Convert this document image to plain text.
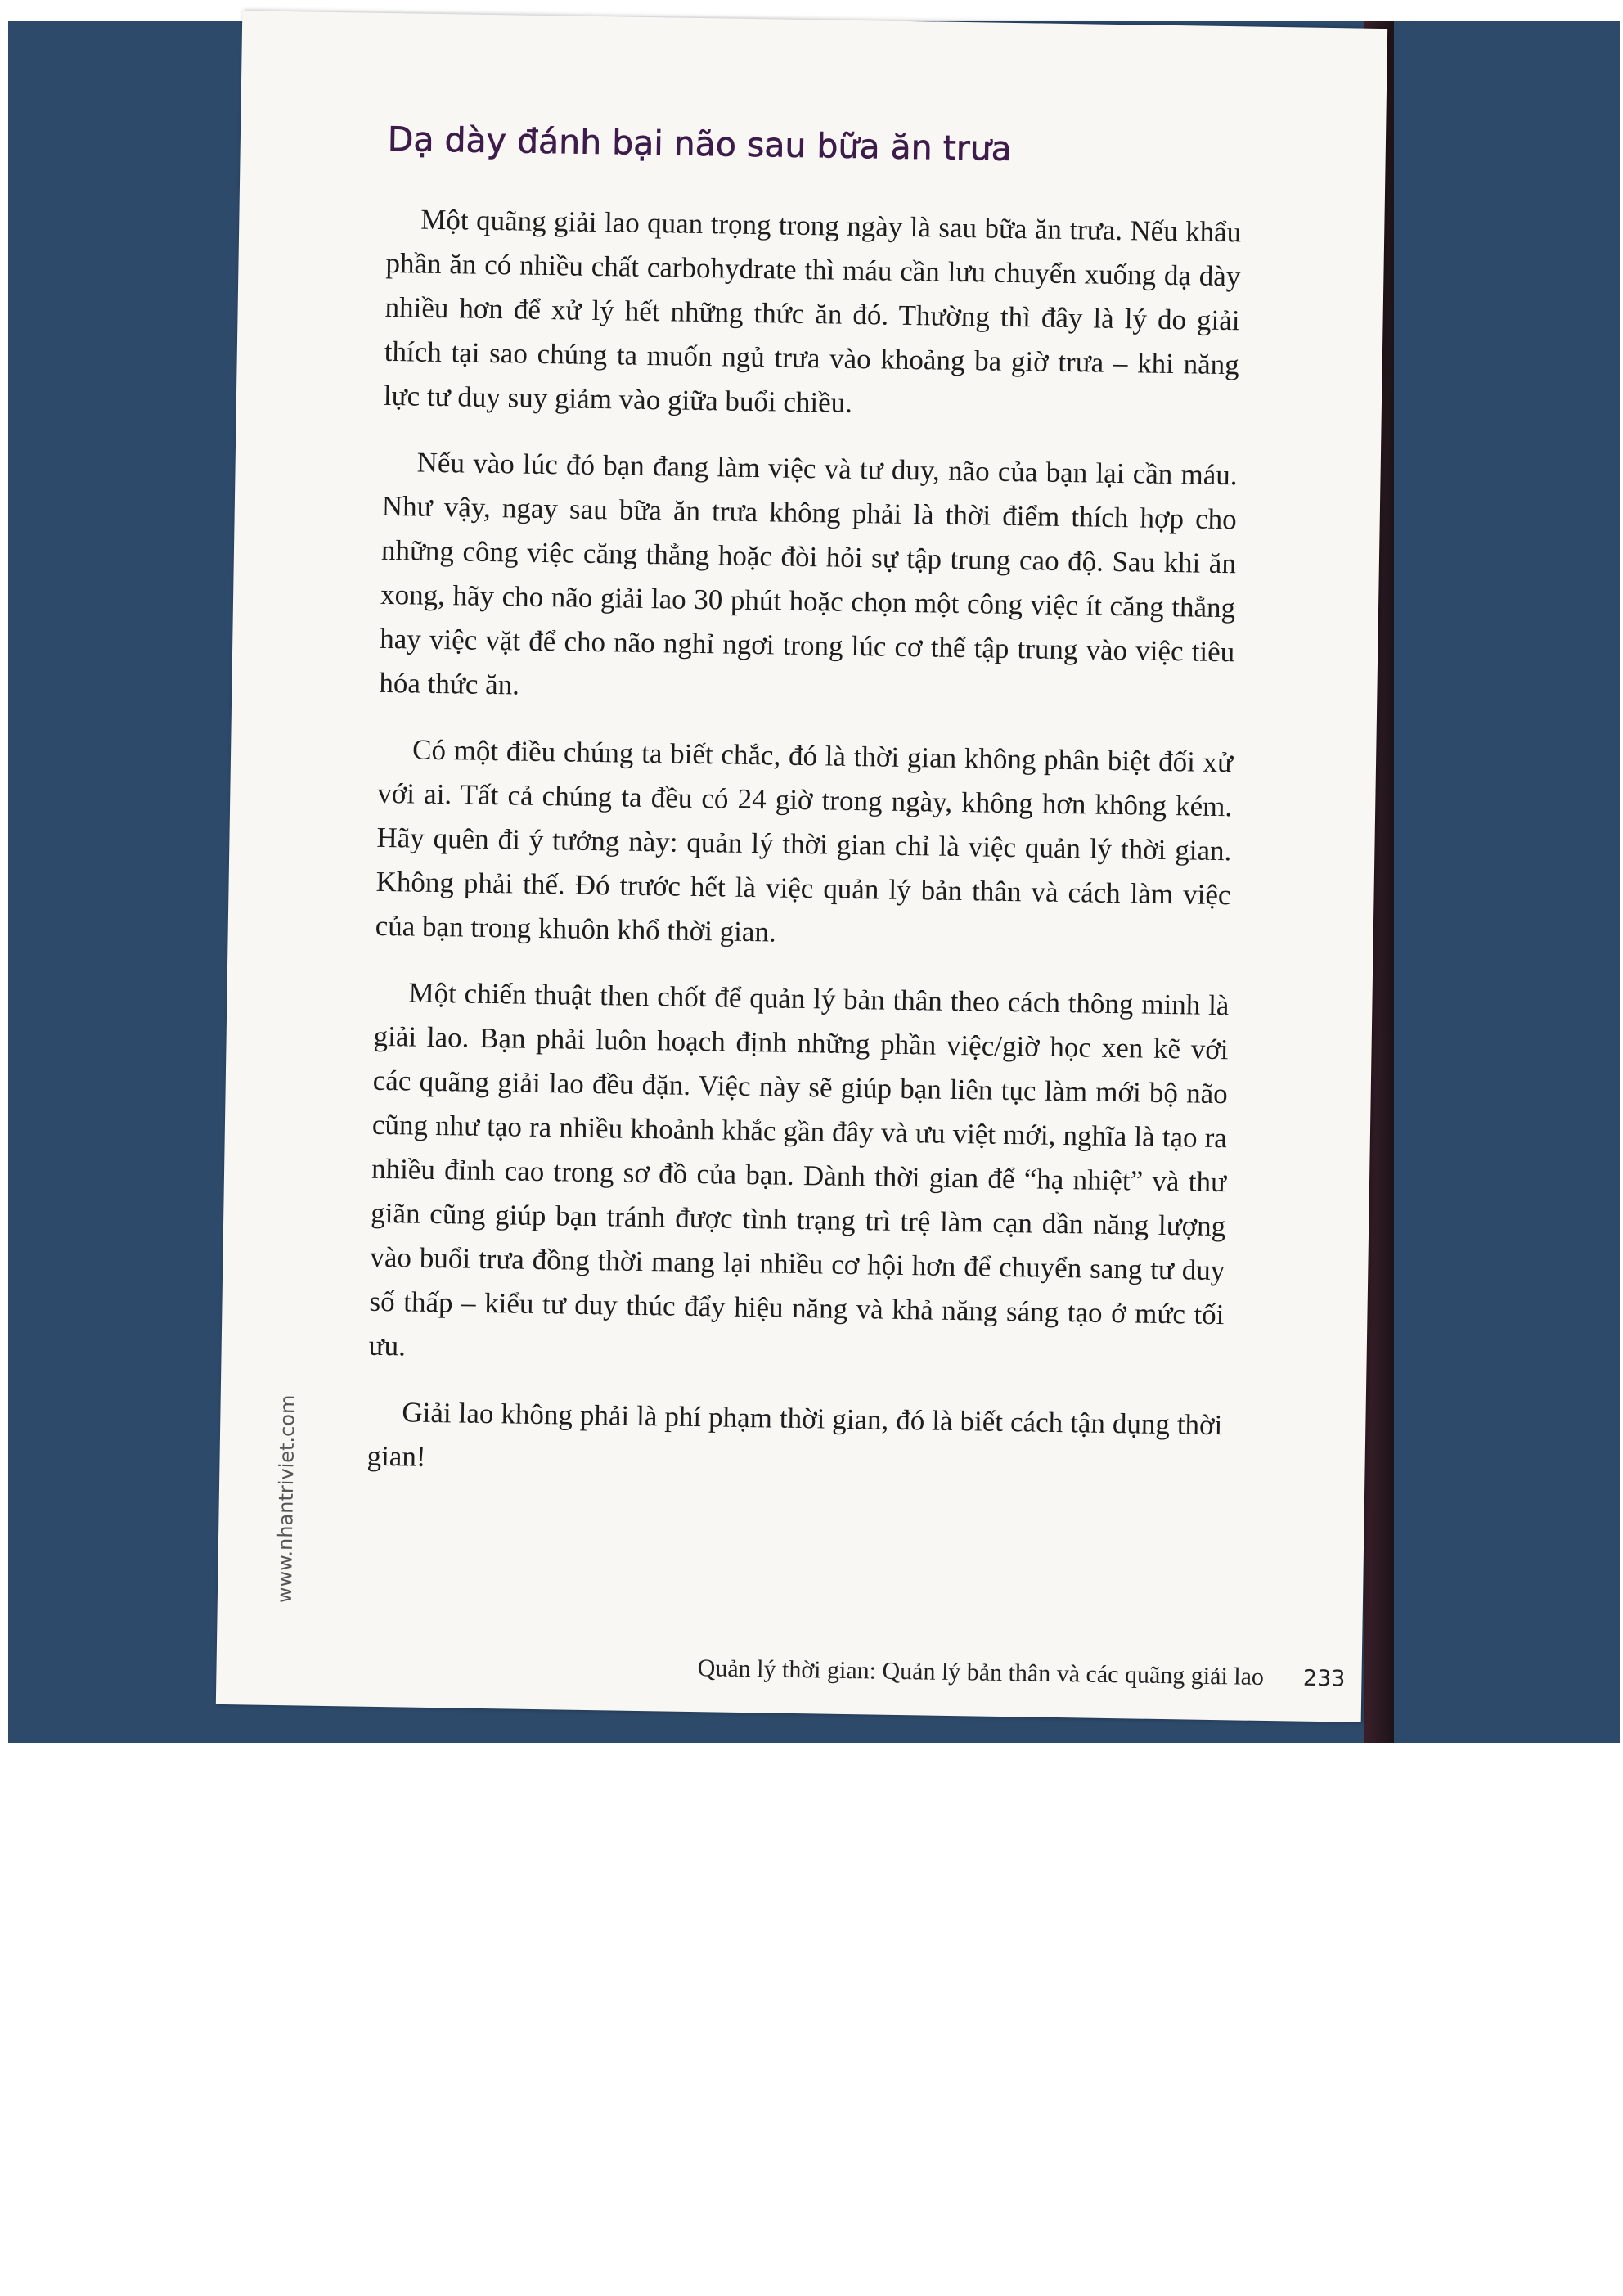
Dạ dày đánh bại não sau bữa ăn trưa

Một quãng giải lao quan trọng trong ngày là sau bữa ăn trưa. Nếu khẩu phần ăn có nhiều chất carbohydrate thì máu cần lưu chuyển xuống dạ dày nhiều hơn để xử lý hết những thức ăn đó. Thường thì đây là lý do giải thích tại sao chúng ta muốn ngủ trưa vào khoảng ba giờ trưa – khi năng lực tư duy suy giảm vào giữa buổi chiều.

Nếu vào lúc đó bạn đang làm việc và tư duy, não của bạn lại cần máu. Như vậy, ngay sau bữa ăn trưa không phải là thời điểm thích hợp cho những công việc căng thẳng hoặc đòi hỏi sự tập trung cao độ. Sau khi ăn xong, hãy cho não giải lao 30 phút hoặc chọn một công việc ít căng thẳng hay việc vặt để cho não nghỉ ngơi trong lúc cơ thể tập trung vào việc tiêu hóa thức ăn.

Có một điều chúng ta biết chắc, đó là thời gian không phân biệt đối xử với ai. Tất cả chúng ta đều có 24 giờ trong ngày, không hơn không kém. Hãy quên đi ý tưởng này: quản lý thời gian chỉ là việc quản lý thời gian. Không phải thế. Đó trước hết là việc quản lý bản thân và cách làm việc của bạn trong khuôn khổ thời gian.

Một chiến thuật then chốt để quản lý bản thân theo cách thông minh là giải lao. Bạn phải luôn hoạch định những phần việc/giờ học xen kẽ với các quãng giải lao đều đặn. Việc này sẽ giúp bạn liên tục làm mới bộ não cũng như tạo ra nhiều khoảnh khắc gần đây và ưu việt mới, nghĩa là tạo ra nhiều đỉnh cao trong sơ đồ của bạn. Dành thời gian để “hạ nhiệt” và thư giãn cũng giúp bạn tránh được tình trạng trì trệ làm cạn dần năng lượng vào buổi trưa đồng thời mang lại nhiều cơ hội hơn để chuyển sang tư duy số thấp – kiểu tư duy thúc đẩy hiệu năng và khả năng sáng tạo ở mức tối ưu.

Giải lao không phải là phí phạm thời gian, đó là biết cách tận dụng thời gian!

www.nhantriviet.com
Quản lý thời gian: Quản lý bản thân và các quãng giải lao 233
